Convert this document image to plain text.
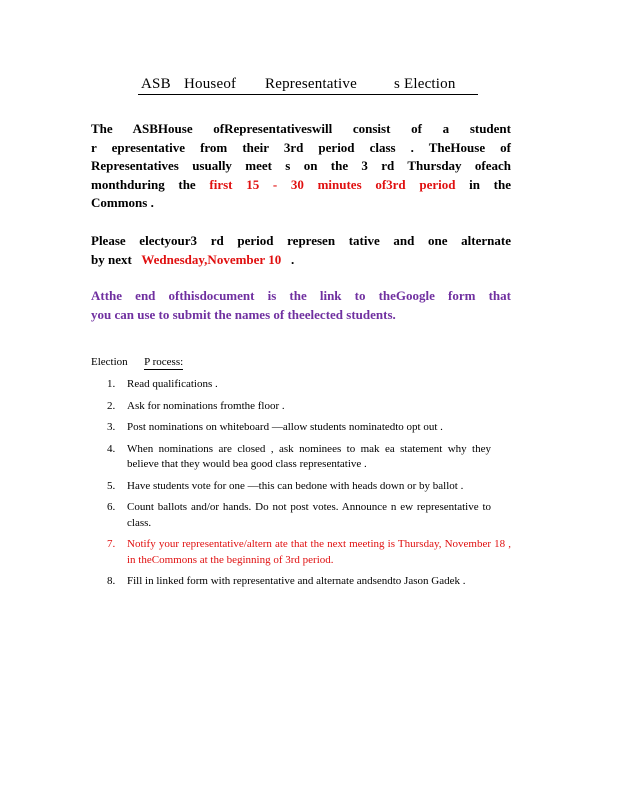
ASB Houseof Representative s Election
The ASBHouse ofRepresentativeswill consist of a student
r epresentative from their 3rd period class . TheHouse of
Representatives usually meet s on the 3 rd Thursday ofeach
monthduring the first 15 - 30 minutes of3rd period in the
Commons .
Please electyour3 rd period represen tative and one alternate
by next Wednesday,November 10 .
Atthe end ofthisdocument is the link to theGoogle form that
you can use to submit the names of theelected students.
Election P rocess:
1. Read qualifications .
2. Ask for nominations fromthe floor .
3. Post nominations on whiteboard —allow students nominatedto opt out .
4. When nominations are closed , ask nominees to mak ea statement why they believe that they would bea good class representative .
5. Have students vote for one —this can bedone with heads down or by ballot .
6. Count ballots and/or hands. Do not post votes. Announce n ew representative to class.
7. Notify your representative/altern ate that the next meeting is Thursday, November 18 , in theCommons at the beginning of 3rd period.
8. Fill in linked form with representative and alternate andsendto Jason Gadek .
